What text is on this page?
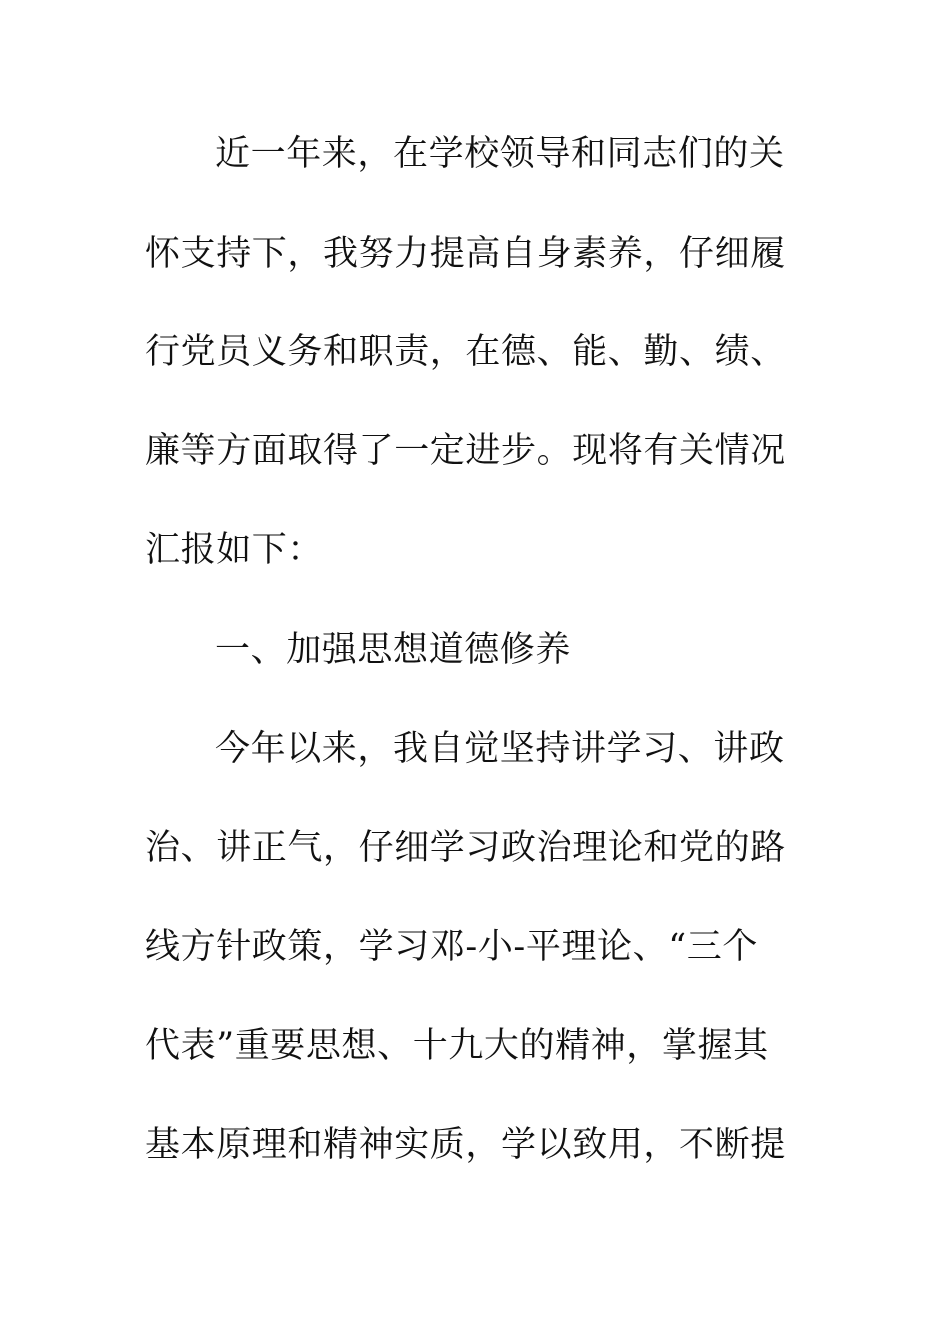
近一年来，在学校领导和同志们的关
怀支持下，我努力提高自身素养，仔细履
行党员义务和职责，在德、能、勤、绩、
廉等方面取得了一定进步。现将有关情况
汇报如下：
一、加强思想道德修养
今年以来，我自觉坚持讲学习、讲政
治、讲正气，仔细学习政治理论和党的路
线方针政策，学习邓-小-平理论、“三个
代表”重要思想、十九大的精神，掌握其
基本原理和精神实质，学以致用，不断提
